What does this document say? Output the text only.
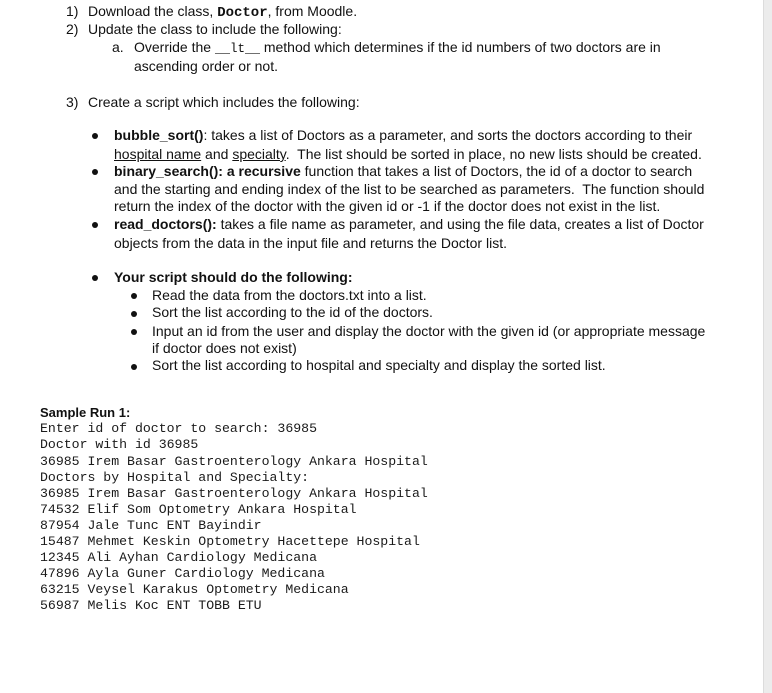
1) Download the class, Doctor, from Moodle.
2) Update the class to include the following:
a. Override the __lt__ method which determines if the id numbers of two doctors are in
ascending order or not.
3) Create a script which includes the following:
bubble_sort(): takes a list of Doctors as a parameter, and sorts the doctors according to their
hospital name and specialty.  The list should be sorted in place, no new lists should be created.
binary_search(): a recursive function that takes a list of Doctors, the id of a doctor to search
and the starting and ending index of the list to be searched as parameters.  The function should
return the index of the doctor with the given id or -1 if the doctor does not exist in the list.
read_doctors(): takes a file name as parameter, and using the file data, creates a list of Doctor
objects from the data in the input file and returns the Doctor list.
Your script should do the following:
Read the data from the doctors.txt into a list.
Sort the list according to the id of the doctors.
Input an id from the user and display the doctor with the given id (or appropriate message
if doctor does not exist)
Sort the list according to hospital and specialty and display the sorted list.
Sample Run 1:
Enter id of doctor to search: 36985
Doctor with id 36985
36985 Irem Basar Gastroenterology Ankara Hospital
Doctors by Hospital and Specialty:
36985 Irem Basar Gastroenterology Ankara Hospital
74532 Elif Som Optometry Ankara Hospital
87954 Jale Tunc ENT Bayindir
15487 Mehmet Keskin Optometry Hacettepe Hospital
12345 Ali Ayhan Cardiology Medicana
47896 Ayla Guner Cardiology Medicana
63215 Veysel Karakus Optometry Medicana
56987 Melis Koc ENT TOBB ETU
